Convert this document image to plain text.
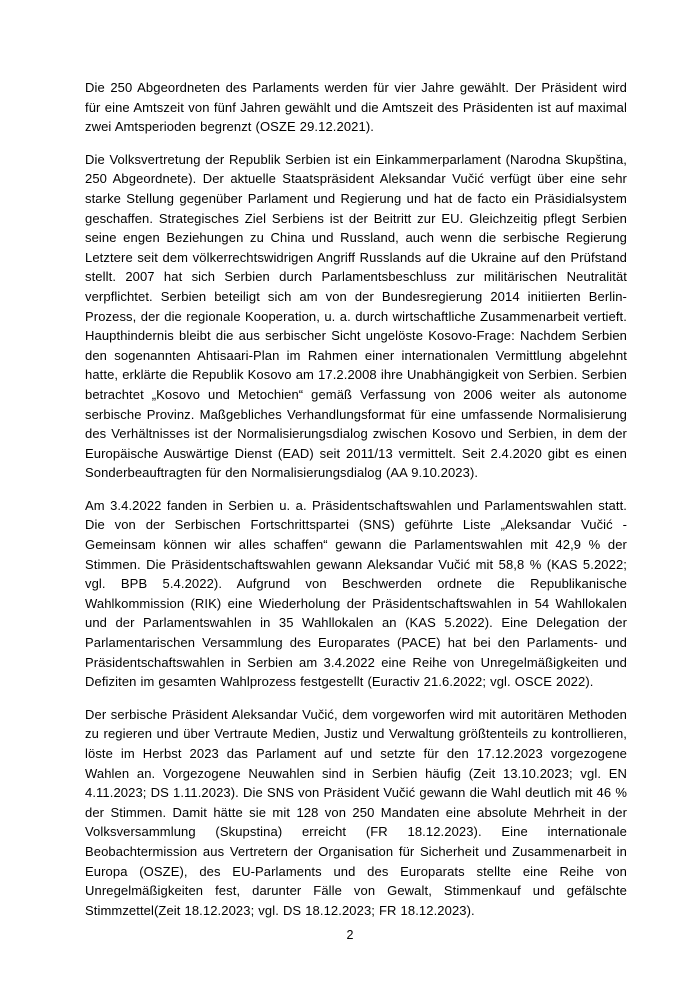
Die 250 Abgeordneten des Parlaments werden für vier Jahre gewählt. Der Präsident wird für eine Amtszeit von fünf Jahren gewählt und die Amtszeit des Präsidenten ist auf maximal zwei Amtsperioden begrenzt (OSZE 29.12.2021).

Die Volksvertretung der Republik Serbien ist ein Einkammerparlament (Narodna Skupština, 250 Abgeordnete). Der aktuelle Staatspräsident Aleksandar Vučić verfügt über eine sehr starke Stellung gegenüber Parlament und Regierung und hat de facto ein Präsidialsystem geschaffen. Strategisches Ziel Serbiens ist der Beitritt zur EU. Gleichzeitig pflegt Serbien seine engen Beziehungen zu China und Russland, auch wenn die serbische Regierung Letztere seit dem völkerrechtswidrigen Angriff Russlands auf die Ukraine auf den Prüfstand stellt. 2007 hat sich Serbien durch Parlamentsbeschluss zur militärischen Neutralität verpflichtet. Serbien beteiligt sich am von der Bundesregierung 2014 initiierten Berlin-Prozess, der die regionale Kooperation, u. a. durch wirtschaftliche Zusammenarbeit vertieft. Haupthindernis bleibt die aus serbischer Sicht ungelöste Kosovo-Frage: Nachdem Serbien den sogenannten Ahtisaari-Plan im Rahmen einer internationalen Vermittlung abgelehnt hatte, erklärte die Republik Kosovo am 17.2.2008 ihre Unabhängigkeit von Serbien. Serbien betrachtet „Kosovo und Metochien“ gemäß Verfassung von 2006 weiter als autonome serbische Provinz. Maßgebliches Verhandlungsformat für eine umfassende Normalisierung des Verhältnisses ist der Normalisierungsdialog zwischen Kosovo und Serbien, in dem der Europäische Auswärtige Dienst (EAD) seit 2011/13 vermittelt. Seit 2.4.2020 gibt es einen Sonderbeauftragten für den Normalisierungsdialog (AA 9.10.2023).

Am 3.4.2022 fanden in Serbien u. a. Präsidentschaftswahlen und Parlamentswahlen statt. Die von der Serbischen Fortschrittspartei (SNS) geführte Liste „Aleksandar Vučić - Gemeinsam können wir alles schaffen“ gewann die Parlamentswahlen mit 42,9 % der Stimmen. Die Präsidentschaftswahlen gewann Aleksandar Vučić mit 58,8 % (KAS 5.2022; vgl. BPB 5.4.2022). Aufgrund von Beschwerden ordnete die Republikanische Wahlkommission (RIK) eine Wiederholung der Präsidentschaftswahlen in 54 Wahllokalen und der Parlamentswahlen in 35 Wahllokalen an (KAS 5.2022). Eine Delegation der Parlamentarischen Versammlung des Europarates (PACE) hat bei den Parlaments- und Präsidentschaftswahlen in Serbien am 3.4.2022 eine Reihe von Unregelmäßigkeiten und Defiziten im gesamten Wahlprozess festgestellt (Euractiv 21.6.2022; vgl. OSCE 2022).

Der serbische Präsident Aleksandar Vučić, dem vorgeworfen wird mit autoritären Methoden zu regieren und über Vertraute Medien, Justiz und Verwaltung größtenteils zu kontrollieren, löste im Herbst 2023 das Parlament auf und setzte für den 17.12.2023 vorgezogene Wahlen an. Vorgezogene Neuwahlen sind in Serbien häufig (Zeit 13.10.2023; vgl. EN 4.11.2023; DS 1.11.2023). Die SNS von Präsident Vučić gewann die Wahl deutlich mit 46 % der Stimmen. Damit hätte sie mit 128 von 250 Mandaten eine absolute Mehrheit in der Volksversammlung (Skupstina) erreicht (FR 18.12.2023). Eine internationale Beobachtermission aus Vertretern der Organisation für Sicherheit und Zusammenarbeit in Europa (OSZE), des EU-Parlaments und des Europarats stellte eine Reihe von Unregelmäßigkeiten fest, darunter Fälle von Gewalt, Stimmenkauf und gefälschte Stimmzettel(Zeit 18.12.2023; vgl. DS 18.12.2023; FR 18.12.2023).

2
